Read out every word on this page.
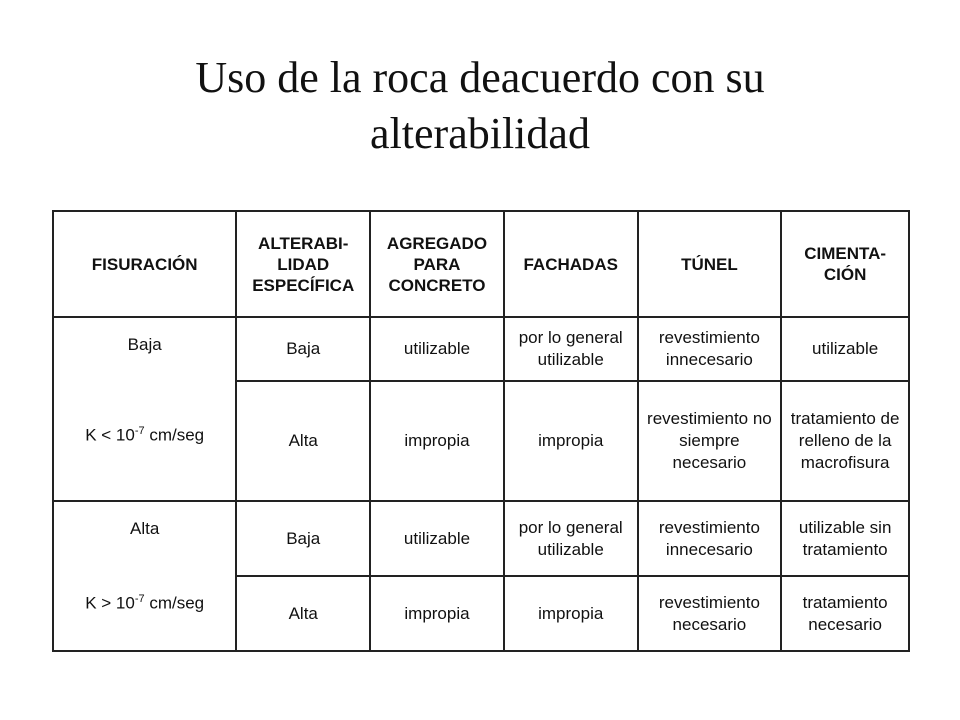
Uso de la roca deacuerdo con su
alterabilidad
FISURACIÓN	ALTERABI-LIDAD ESPECÍFICA	AGREGADO PARA CONCRETO	FACHADAS	TÚNEL	CIMENTA-CIÓN

Baja
$K < 10^{-7}$ cm/seg	Baja	utilizable	por lo general utilizable	revestimiento innecesario	utilizable
	Alta	impropia	impropia	revestimiento no siempre necesario	tratamiento de relleno de la macrofisura

Alta
$K > 10^{-7}$ cm/seg	Baja	utilizable	por lo general utilizable	revestimiento innecesario	utilizable sin tratamiento
	Alta	impropia	impropia	revestimiento necesario	tratamiento necesario
